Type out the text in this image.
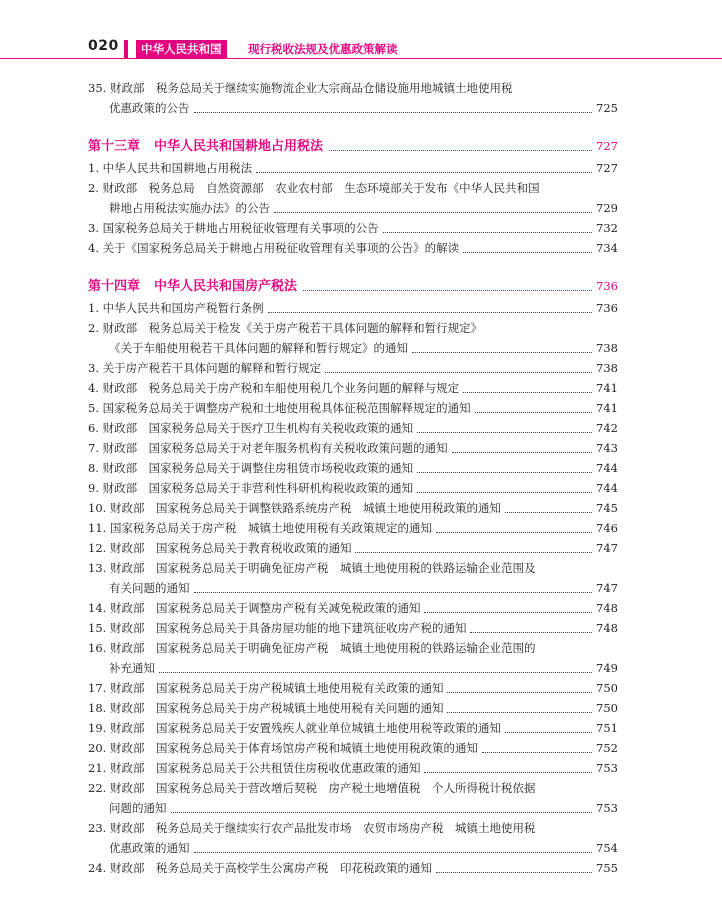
020	中华人民共和国	现行税收法规及优惠政策解读
35. 财政部　税务总局关于继续实施物流企业大宗商品仓储设施用地城镇土地使用税
优惠政策的公告	725
第十三章 中华人民共和国耕地占用税法	727
1. 中华人民共和国耕地占用税法	727
2. 财政部　税务总局　自然资源部　农业农村部　生态环境部关于发布《中华人民共和国
耕地占用税法实施办法》的公告	729
3. 国家税务总局关于耕地占用税征收管理有关事项的公告	732
4. 关于《国家税务总局关于耕地占用税征收管理有关事项的公告》的解读	734
第十四章 中华人民共和国房产税法	736
1. 中华人民共和国房产税暂行条例	736
2. 财政部　税务总局关于检发《关于房产税若干具体问题的解释和暂行规定》
《关于车船使用税若干具体问题的解释和暂行规定》的通知	738
3. 关于房产税若干具体问题的解释和暂行规定	738
4. 财政部　税务总局关于房产税和车船使用税几个业务问题的解释与规定	741
5. 国家税务总局关于调整房产税和土地使用税具体征税范围解释规定的通知	741
6. 财政部　国家税务总局关于医疗卫生机构有关税收政策的通知	742
7. 财政部　国家税务总局关于对老年服务机构有关税收政策问题的通知	743
8. 财政部　国家税务总局关于调整住房租赁市场税收政策的通知	744
9. 财政部　国家税务总局关于非营利性科研机构税收政策的通知	744
10. 财政部　国家税务总局关于调整铁路系统房产税　城镇土地使用税政策的通知	745
11. 国家税务总局关于房产税　城镇土地使用税有关政策规定的通知	746
12. 财政部　国家税务总局关于教育税收政策的通知	747
13. 财政部　国家税务总局关于明确免征房产税　城镇土地使用税的铁路运输企业范围及
有关问题的通知	747
14. 财政部　国家税务总局关于调整房产税有关减免税政策的通知	748
15. 财政部　国家税务总局关于具备房屋功能的地下建筑征收房产税的通知	748
16. 财政部　国家税务总局关于明确免征房产税　城镇土地使用税的铁路运输企业范围的
补充通知	749
17. 财政部　国家税务总局关于房产税城镇土地使用税有关政策的通知	750
18. 财政部　国家税务总局关于房产税城镇土地使用税有关问题的通知	750
19. 财政部　国家税务总局关于安置残疾人就业单位城镇土地使用税等政策的通知	751
20. 财政部　国家税务总局关于体育场馆房产税和城镇土地使用税政策的通知	752
21. 财政部　国家税务总局关于公共租赁住房税收优惠政策的通知	753
22. 财政部　国家税务总局关于营改增后契税　房产税土地增值税　个人所得税计税依据
问题的通知	753
23. 财政部　税务总局关于继续实行农产品批发市场　农贸市场房产税　城镇土地使用税
优惠政策的通知	754
24. 财政部　税务总局关于高校学生公寓房产税　印花税政策的通知	755
